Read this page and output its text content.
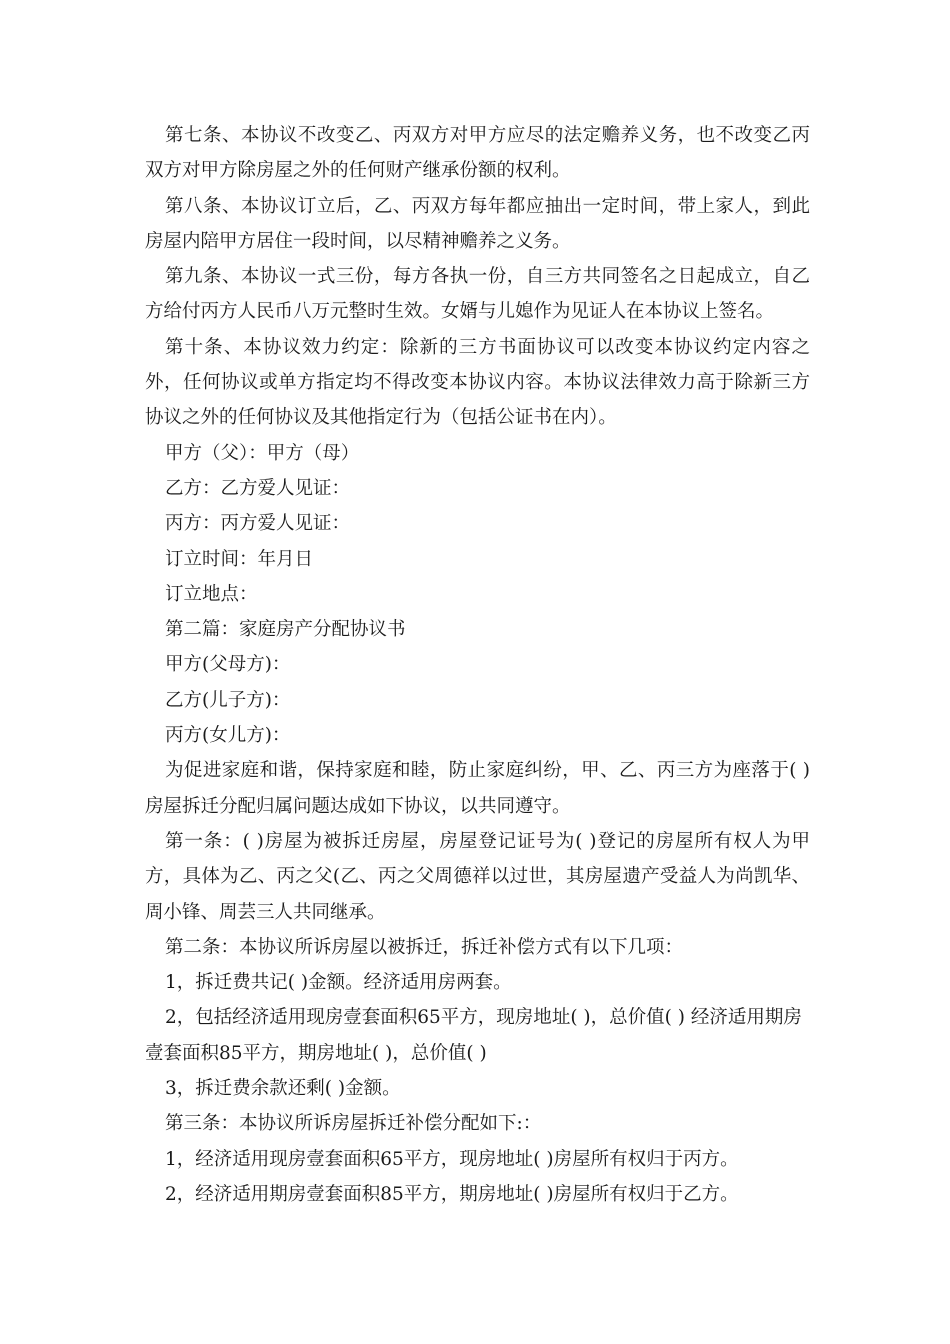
第七条、本协议不改变乙、丙双方对甲方应尽的法定赡养义务，也不改变乙丙双方对甲方除房屋之外的任何财产继承份额的权利。

第八条、本协议订立后，乙、丙双方每年都应抽出一定时间，带上家人，到此房屋内陪甲方居住一段时间，以尽精神赡养之义务。

第九条、本协议一式三份，每方各执一份，自三方共同签名之日起成立，自乙方给付丙方人民币八万元整时生效。女婿与儿媳作为见证人在本协议上签名。

第十条、本协议效力约定：除新的三方书面协议可以改变本协议约定内容之外，任何协议或单方指定均不得改变本协议内容。本协议法律效力高于除新三方协议之外的任何协议及其他指定行为（包括公证书在内）。

甲方（父）：甲方（母）

乙方：乙方爱人见证：

丙方：丙方爱人见证：

订立时间：年月日

订立地点：

第二篇：家庭房产分配协议书

甲方(父母方)：

乙方(儿子方)：

丙方(女儿方)：

为促进家庭和谐，保持家庭和睦，防止家庭纠纷，甲、乙、丙三方为座落于( )房屋拆迁分配归属问题达成如下协议，以共同遵守。

第一条：( )房屋为被拆迁房屋，房屋登记证号为( )登记的房屋所有权人为甲方，具体为乙、丙之父(乙、丙之父周德祥以过世，其房屋遗产受益人为尚凯华、周小锋、周芸三人共同继承。

第二条：本协议所诉房屋以被拆迁，拆迁补偿方式有以下几项：

1，拆迁费共记( )金额。经济适用房两套。

2，包括经济适用现房壹套面积65平方，现房地址( )，总价值( ) 经济适用期房壹套面积85平方，期房地址( )，总价值( )

3，拆迁费余款还剩( )金额。

第三条：本协议所诉房屋拆迁补偿分配如下:：

1，经济适用现房壹套面积65平方，现房地址( )房屋所有权归于丙方。

2，经济适用期房壹套面积85平方，期房地址( )房屋所有权归于乙方。
